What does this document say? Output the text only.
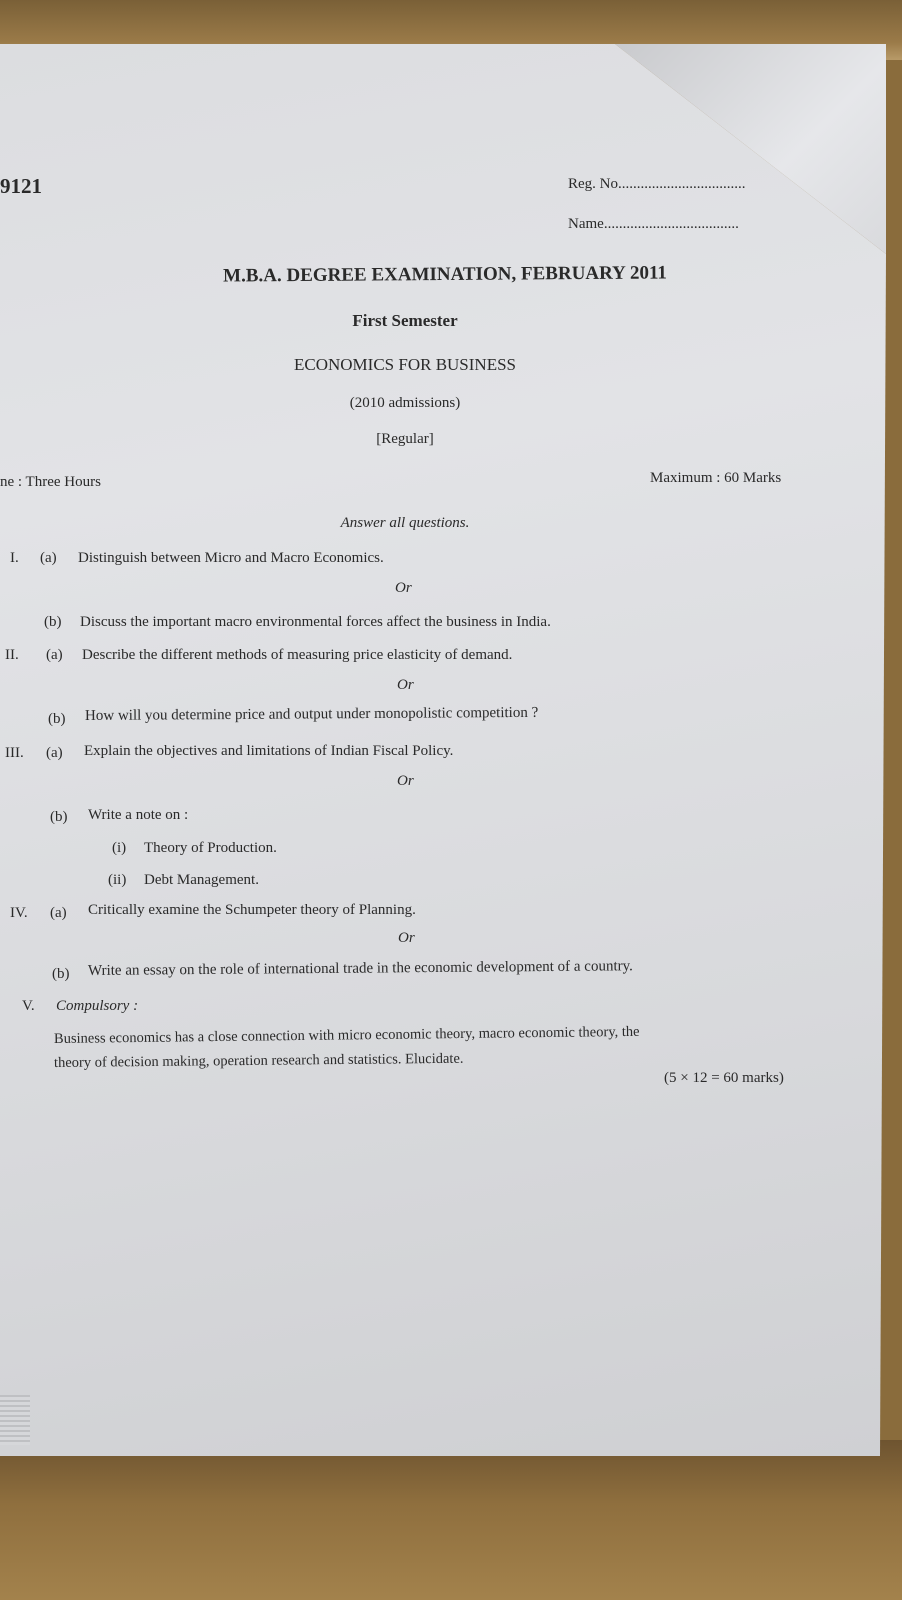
9121	Reg. No..................................
Name....................................
M.B.A. DEGREE EXAMINATION, FEBRUARY 2011
First Semester
ECONOMICS FOR BUSINESS
(2010 admissions)
[Regular]
ne : Three Hours	Maximum : 60 Marks
Answer all questions.
I. (a) Distinguish between Micro and Macro Economics.
Or
(b) Discuss the important macro environmental forces affect the business in India.
II. (a) Describe the different methods of measuring price elasticity of demand.
Or
(b) How will you determine price and output under monopolistic competition ?
III. (a) Explain the objectives and limitations of Indian Fiscal Policy.
Or
(b) Write a note on :
(i) Theory of Production.
(ii) Debt Management.
IV. (a) Critically examine the Schumpeter theory of Planning.
Or
(b) Write an essay on the role of international trade in the economic development of a country.
V. Compulsory :
Business economics has a close connection with micro economic theory, macro economic theory, the
theory of decision making, operation research and statistics. Elucidate.
(5 × 12 = 60 marks)
